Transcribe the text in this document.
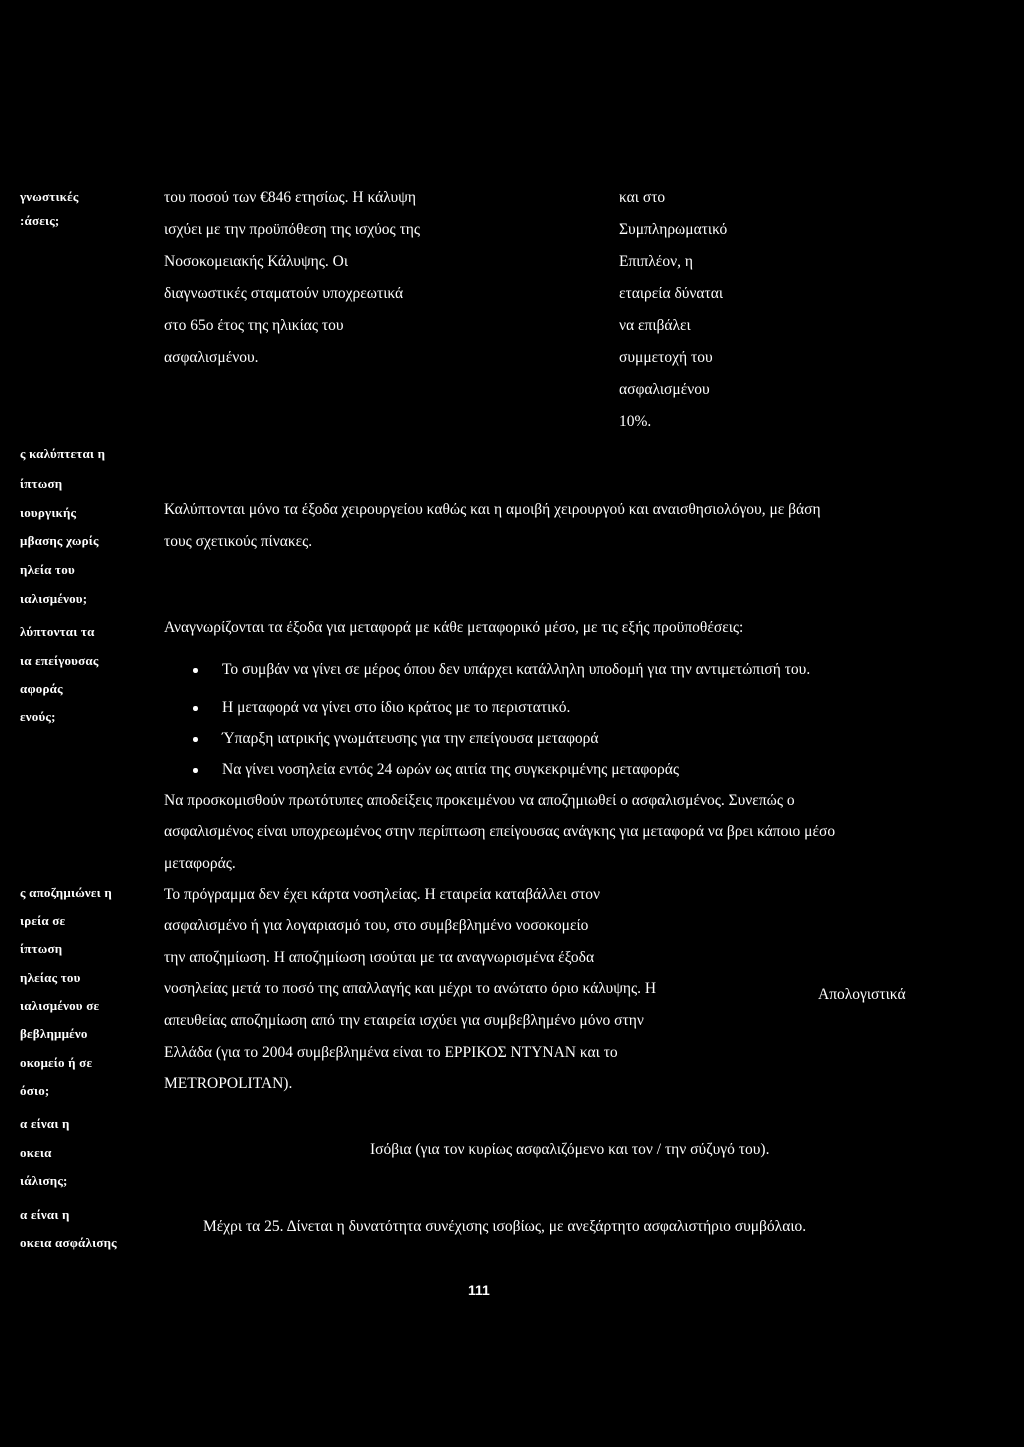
γνωστικές
:άσεις;
ς καλύπτεται η
ίπτωση
ιουργικής
μβασης χωρίς
ηλεία του
ιαλισμένου;
λύπτονται τα
ια επείγουσας
αφοράς
ενούς;
ς αποζημιώνει η
ιρεία σε
ίπτωση
ηλείας του
ιαλισμένου σε
βεβλημμένο
οκομείο ή σε
όσιο;
α είναι η
οκεια
ιάλισης;
α είναι η
οκεια ασφάλισης
του ποσού των €846 ετησίως. Η κάλυψη
ισχύει με την προϋπόθεση της ισχύος της
Νοσοκομειακής Κάλυψης. Οι
διαγνωστικές σταματούν υποχρεωτικά
στο 65ο έτος της ηλικίας του
ασφαλισμένου.
και στο
Συμπληρωματικό
Επιπλέον, η
εταιρεία δύναται
να επιβάλει
συμμετοχή του
ασφαλισμένου
10%.
Καλύπτονται μόνο τα έξοδα χειρουργείου καθώς και η αμοιβή χειρουργού και αναισθησιολόγου, με βάση
τους σχετικούς πίνακες.
Αναγνωρίζονται τα έξοδα για μεταφορά με κάθε μεταφορικό μέσο, με τις εξής προϋποθέσεις:
Το συμβάν να γίνει σε μέρος όπου δεν υπάρχει κατάλληλη υποδομή για την αντιμετώπισή του.
Η μεταφορά να γίνει στο ίδιο κράτος με το περιστατικό.
Ύπαρξη ιατρικής γνωμάτευσης για την επείγουσα μεταφορά
Να γίνει νοσηλεία εντός 24 ωρών ως αιτία της συγκεκριμένης μεταφοράς
Να προσκομισθούν πρωτότυπες αποδείξεις προκειμένου να αποζημιωθεί ο ασφαλισμένος. Συνεπώς ο
ασφαλισμένος είναι υποχρεωμένος στην περίπτωση επείγουσας ανάγκης για μεταφορά να βρει κάποιο μέσο
μεταφοράς.
Το πρόγραμμα δεν έχει κάρτα νοσηλείας. Η εταιρεία καταβάλλει στον
ασφαλισμένο ή για λογαριασμό του, στο συμβεβλημένο νοσοκομείο
την αποζημίωση. Η αποζημίωση ισούται με τα αναγνωρισμένα έξοδα
νοσηλείας μετά το ποσό της απαλλαγής και μέχρι το ανώτατο όριο κάλυψης. Η
απευθείας αποζημίωση από την εταιρεία ισχύει για συμβεβλημένο μόνο στην
Ελλάδα (για το 2004 συμβεβλημένα είναι το ΕΡΡΙΚΟΣ ΝΤΥΝΑΝ και το
METROPOLITAN).
Απολογιστικά
Ισόβια (για τον κυρίως ασφαλιζόμενο και τον / την σύζυγό του).
Μέχρι τα 25. Δίνεται η δυνατότητα συνέχισης ισοβίως, με ανεξάρτητο ασφαλιστήριο συμβόλαιο.
111
